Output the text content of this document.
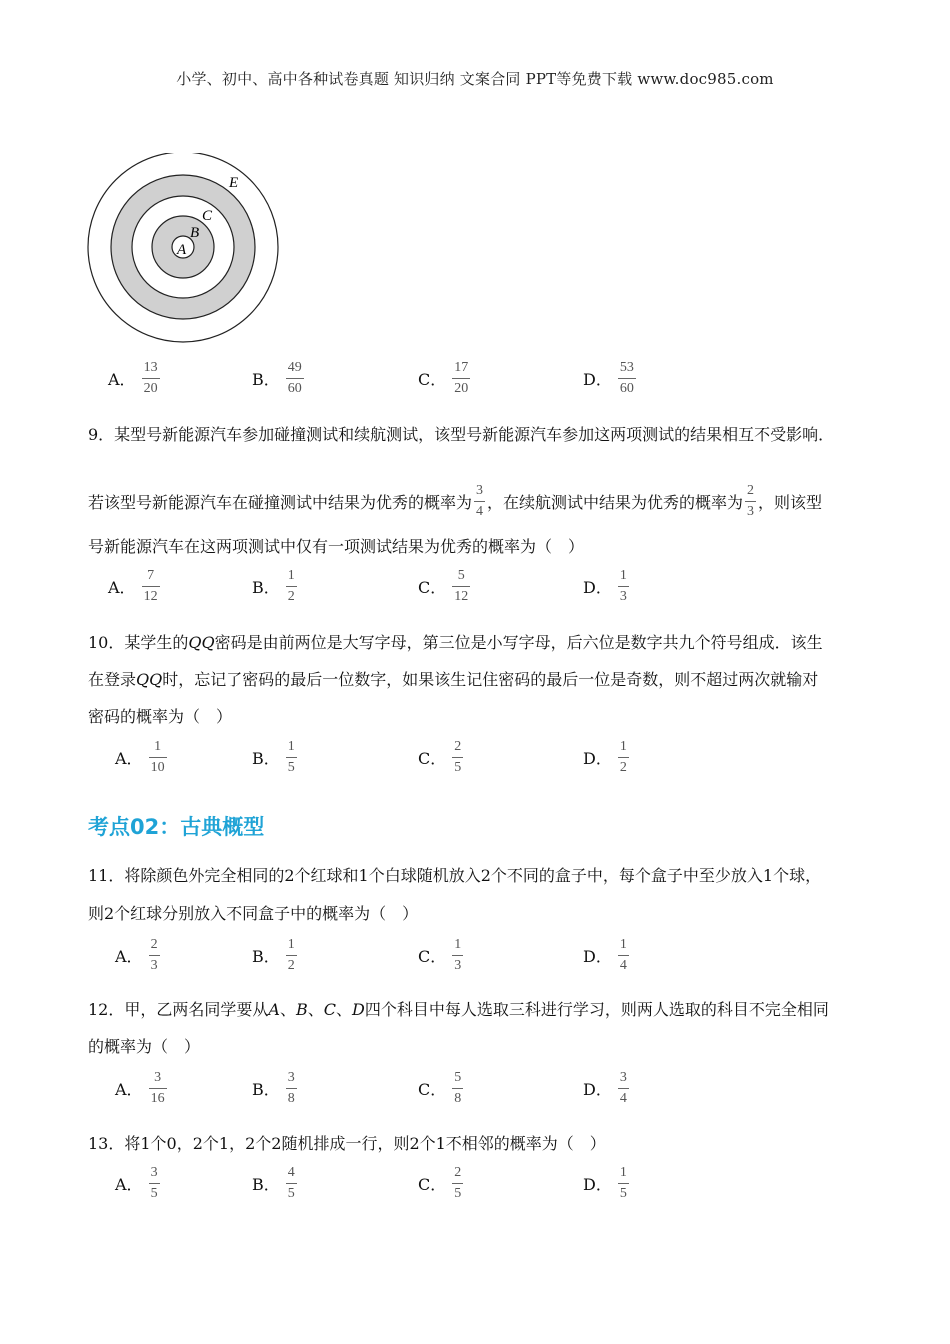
小学、初中、高中各种试卷真题 知识归纳 文案合同 PPT等免费下载 www.doc985.com
A
B
C
E
A． $\frac{13}{20}$	B． $\frac{49}{60}$	C． $\frac{17}{20}$	D． $\frac{53}{60}$
9．某型号新能源汽车参加碰撞测试和续航测试，该型号新能源汽车参加这两项测试的结果相互不受影响．
若该型号新能源汽车在碰撞测试中结果为优秀的概率为 $\frac{3}{4}$ ，在续航测试中结果为优秀的概率为 $\frac{2}{3}$ ，则该型
号新能源汽车在这两项测试中仅有一项测试结果为优秀的概率为（　）
A． $\frac{7}{12}$	B． $\frac{1}{2}$	C． $\frac{5}{12}$	D． $\frac{1}{3}$
10．某学生的QQ密码是由前两位是大写字母，第三位是小写字母，后六位是数字共九个符号组成．该生
在登录QQ时，忘记了密码的最后一位数字，如果该生记住密码的最后一位是奇数，则不超过两次就输对
密码的概率为（　）
A． $\frac{1}{10}$	B． $\frac{1}{5}$	C． $\frac{2}{5}$	D． $\frac{1}{2}$
考点02：古典概型
11．将除颜色外完全相同的2个红球和1个白球随机放入2个不同的盒子中，每个盒子中至少放入1个球，
则2个红球分别放入不同盒子中的概率为（　）
A． $\frac{2}{3}$	B． $\frac{1}{2}$	C． $\frac{1}{3}$	D． $\frac{1}{4}$
12．甲，乙两名同学要从A、B、C、D四个科目中每人选取三科进行学习，则两人选取的科目不完全相同
的概率为（　）
A． $\frac{3}{16}$	B． $\frac{3}{8}$	C． $\frac{5}{8}$	D． $\frac{3}{4}$
13．将1个0，2个1，2个2随机排成一行，则2个1不相邻的概率为（　）
A． $\frac{3}{5}$	B． $\frac{4}{5}$	C． $\frac{2}{5}$	D． $\frac{1}{5}$
